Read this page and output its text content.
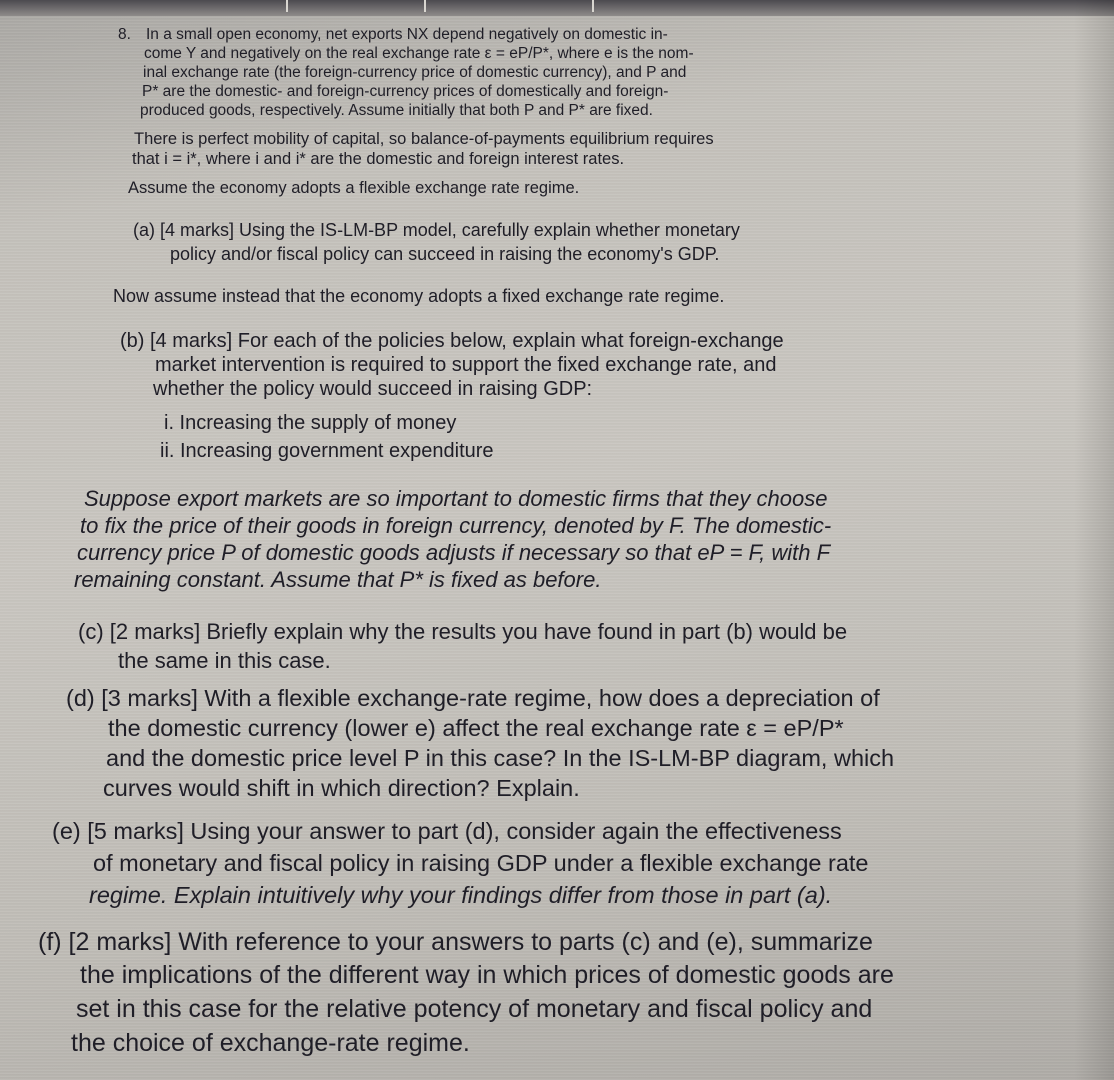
8. In a small open economy, net exports NX depend negatively on domestic in-

come Y and negatively on the real exchange rate ε = eP/P*, where e is the nom-

inal exchange rate (the foreign-currency price of domestic currency), and P and

P* are the domestic- and foreign-currency prices of domestically and foreign-

produced goods, respectively. Assume initially that both P and P* are fixed.

There is perfect mobility of capital, so balance-of-payments equilibrium requires

that i = i*, where i and i* are the domestic and foreign interest rates.

Assume the economy adopts a flexible exchange rate regime.

(a) [4 marks] Using the IS-LM-BP model, carefully explain whether monetary

policy and/or fiscal policy can succeed in raising the economy's GDP.

Now assume instead that the economy adopts a fixed exchange rate regime.

(b) [4 marks] For each of the policies below, explain what foreign-exchange

market intervention is required to support the fixed exchange rate, and

whether the policy would succeed in raising GDP:

i. Increasing the supply of money

ii. Increasing government expenditure

Suppose export markets are so important to domestic firms that they choose

to fix the price of their goods in foreign currency, denoted by F. The domestic-

currency price P of domestic goods adjusts if necessary so that eP = F, with F

remaining constant. Assume that P* is fixed as before.

(c) [2 marks] Briefly explain why the results you have found in part (b) would be

the same in this case.

(d) [3 marks] With a flexible exchange-rate regime, how does a depreciation of

the domestic currency (lower e) affect the real exchange rate ε = eP/P*

and the domestic price level P in this case? In the IS-LM-BP diagram, which

curves would shift in which direction? Explain.

(e) [5 marks] Using your answer to part (d), consider again the effectiveness

of monetary and fiscal policy in raising GDP under a flexible exchange rate

regime. Explain intuitively why your findings differ from those in part (a).

(f) [2 marks] With reference to your answers to parts (c) and (e), summarize

the implications of the different way in which prices of domestic goods are

set in this case for the relative potency of monetary and fiscal policy and

the choice of exchange-rate regime.
